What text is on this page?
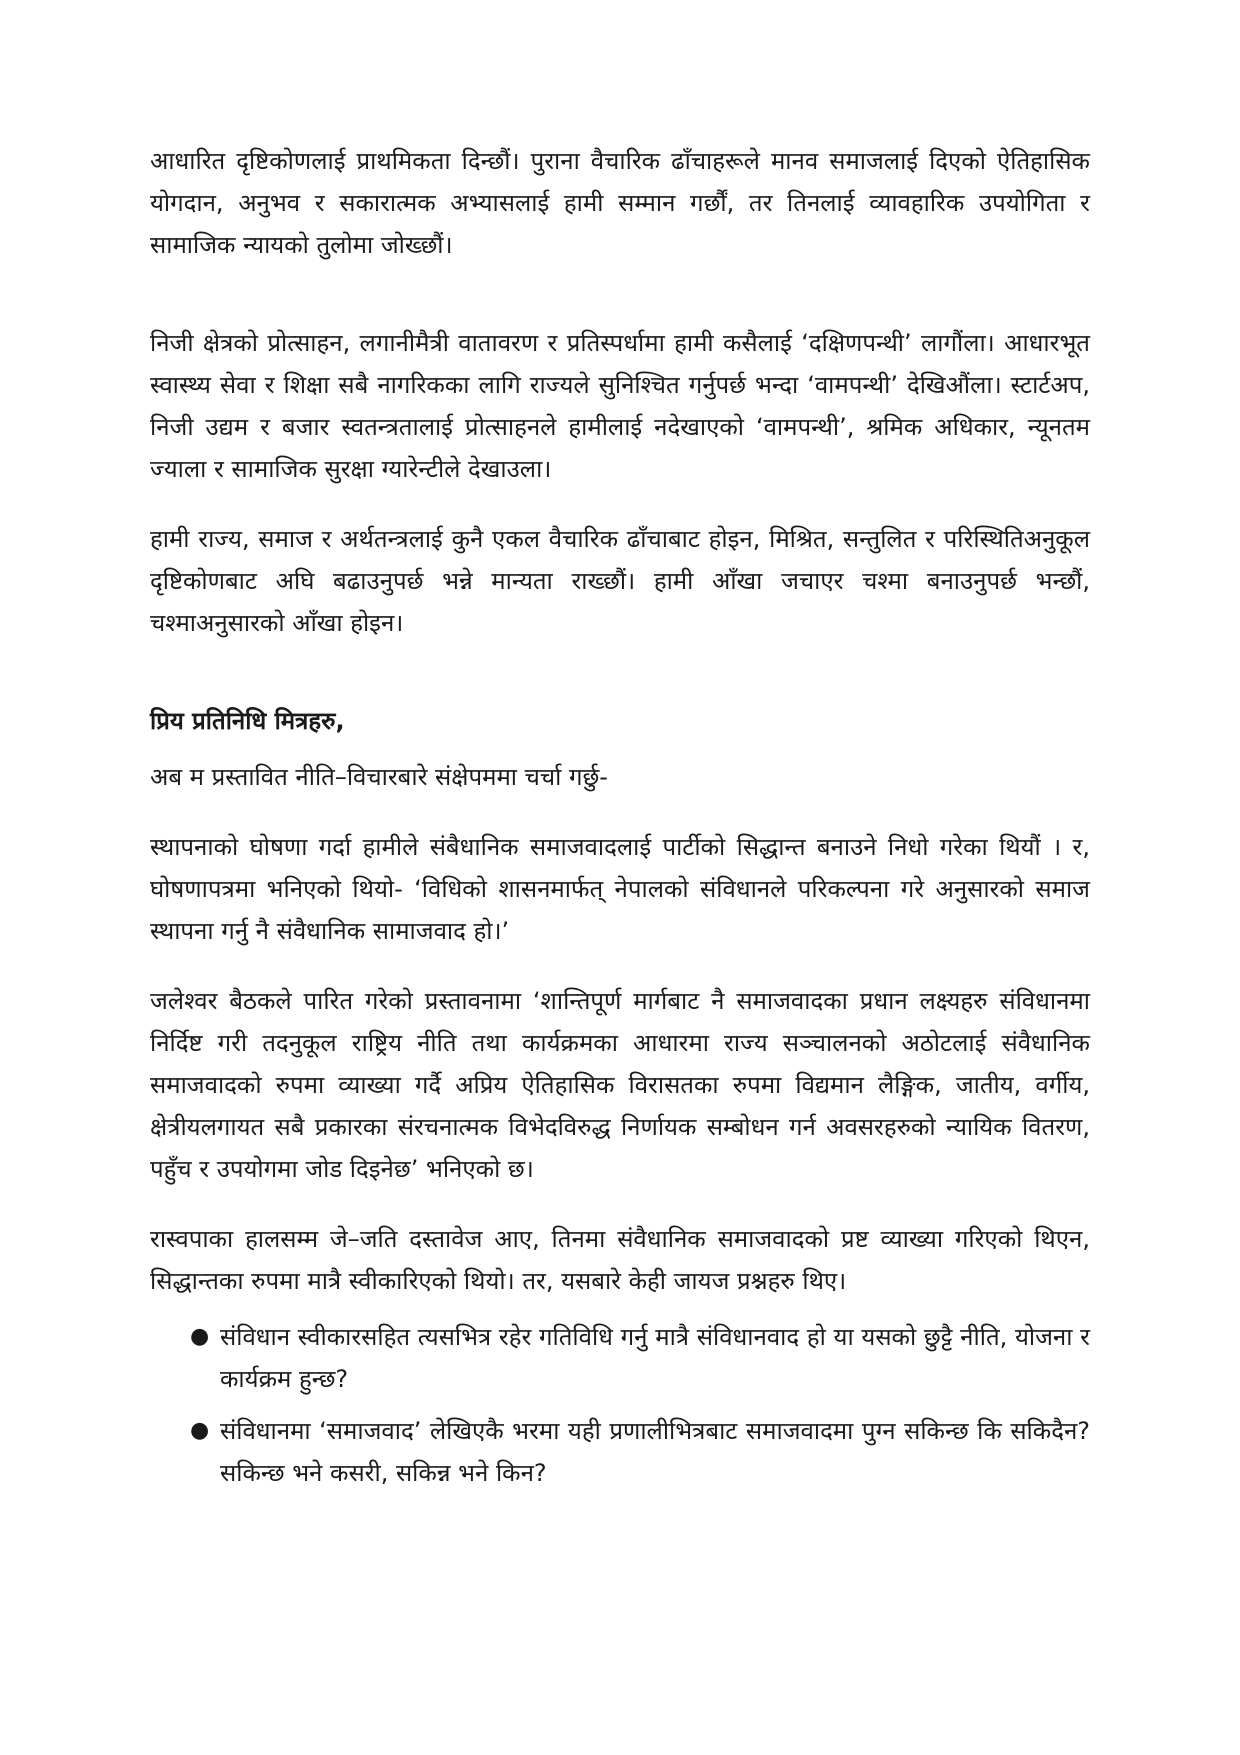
आधारित दृष्टिकोणलाई प्राथमिकता दिन्छौं। पुराना वैचारिक ढाँचाहरूले मानव समाजलाई दिएको ऐतिहासिक योगदान, अनुभव र सकारात्मक अभ्यासलाई हामी सम्मान गर्छौं, तर तिनलाई व्यावहारिक उपयोगिता र सामाजिक न्यायको तुलोमा जोख्छौं।

निजी क्षेत्रको प्रोत्साहन, लगानीमैत्री वातावरण र प्रतिस्पर्धामा हामी कसैलाई ‘दक्षिणपन्थी’ लागौंला। आधारभूत स्वास्थ्य सेवा र शिक्षा सबै नागरिकका लागि राज्यले सुनिश्चित गर्नुपर्छ भन्दा ‘वामपन्थी’ देखिऔंला। स्टार्टअप, निजी उद्यम र बजार स्वतन्त्रतालाई प्रोत्साहनले हामीलाई नदेखाएको ‘वामपन्थी’, श्रमिक अधिकार, न्यूनतम ज्याला र सामाजिक सुरक्षा ग्यारेन्टीले देखाउला।

हामी राज्य, समाज र अर्थतन्त्रलाई कुनै एकल वैचारिक ढाँचाबाट होइन, मिश्रित, सन्तुलित र परिस्थितिअनुकूल दृष्टिकोणबाट अघि बढाउनुपर्छ भन्ने मान्यता राख्छौं। हामी आँखा जचाएर चश्मा बनाउनुपर्छ भन्छौं, चश्माअनुसारको आँखा होइन।

प्रिय प्रतिनिधि मित्रहरु,

अब म प्रस्तावित नीति–विचारबारे संक्षेपममा चर्चा गर्छु-

स्थापनाको घोषणा गर्दा हामीले संबैधानिक समाजवादलाई पार्टीको सिद्धान्त बनाउने निधो गरेका थियौं । र, घोषणापत्रमा भनिएको थियो- ‘विधिको शासनमार्फत् नेपालको संविधानले परिकल्पना गरे अनुसारको समाज स्थापना गर्नु नै संवैधानिक सामाजवाद हो।’

जलेश्वर बैठकले पारित गरेको प्रस्तावनामा ‘शान्तिपूर्ण मार्गबाट नै समाजवादका प्रधान लक्ष्यहरु संविधानमा निर्दिष्ट गरी तदनुकूल राष्ट्रिय नीति तथा कार्यक्रमका आधारमा राज्य सञ्चालनको अठोटलाई संवैधानिक समाजवादको रुपमा व्याख्या गर्दै अप्रिय ऐतिहासिक विरासतका रुपमा विद्यमान लैङ्गिक, जातीय, वर्गीय, क्षेत्रीयलगायत सबै प्रकारका संरचनात्मक विभेदविरुद्ध निर्णायक सम्बोधन गर्न अवसरहरुको न्यायिक वितरण, पहुँच र उपयोगमा जोड दिइनेछ’ भनिएको छ।

रास्वपाका हालसम्म जे–जति दस्तावेज आए, तिनमा संवैधानिक समाजवादको प्रष्ट व्याख्या गरिएको थिएन, सिद्धान्तका रुपमा मात्रै स्वीकारिएको थियो। तर, यसबारे केही जायज प्रश्नहरु थिए।

● संविधान स्वीकारसहित त्यसभित्र रहेर गतिविधि गर्नु मात्रै संविधानवाद हो या यसको छुट्टै नीति, योजना र कार्यक्रम हुन्छ?
● संविधानमा ‘समाजवाद’ लेखिएकै भरमा यही प्रणालीभित्रबाट समाजवादमा पुग्न सकिन्छ कि सकिदैन? सकिन्छ भने कसरी, सकिन्न भने किन?
